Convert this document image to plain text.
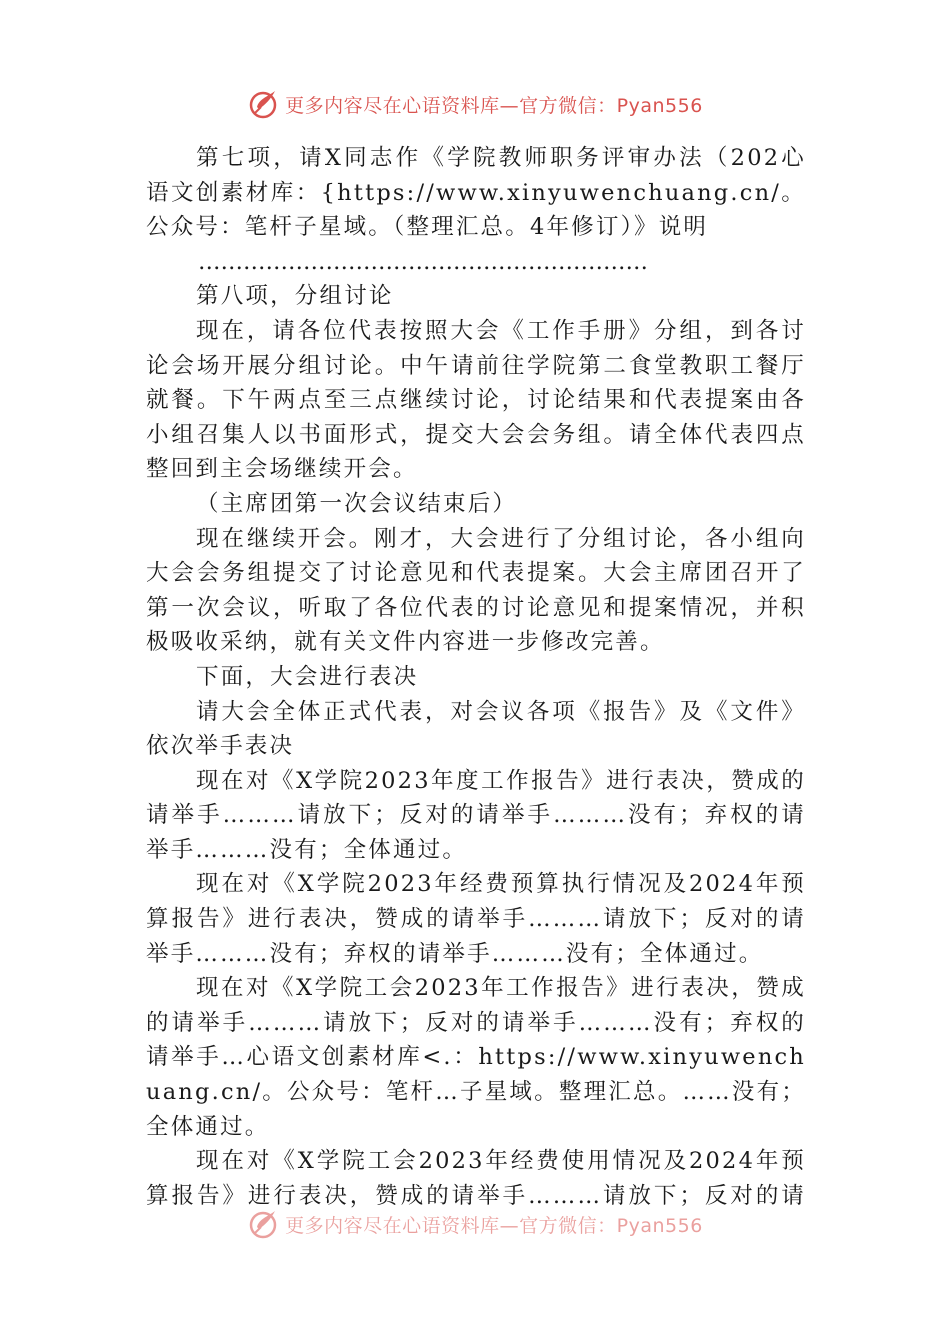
更多内容尽在心语资料库—官方微信：Pyan556

第七项，请X同志作《学院教师职务评审办法（202心语文创素材库：{https://www.xinyuwenchuang.cn/。公众号：笔杆子星域。（整理汇总。4年修订）》说明

……………………………………………………

第八项，分组讨论

现在，请各位代表按照大会《工作手册》分组，到各讨论会场开展分组讨论。中午请前往学院第二食堂教职工餐厅就餐。下午两点至三点继续讨论，讨论结果和代表提案由各小组召集人以书面形式，提交大会会务组。请全体代表四点整回到主会场继续开会。

（主席团第一次会议结束后）

现在继续开会。刚才，大会进行了分组讨论，各小组向大会会务组提交了讨论意见和代表提案。大会主席团召开了第一次会议，听取了各位代表的讨论意见和提案情况，并积极吸收采纳，就有关文件内容进一步修改完善。

下面，大会进行表决

请大会全体正式代表，对会议各项《报告》及《文件》依次举手表决

现在对《X学院2023年度工作报告》进行表决，赞成的请举手………请放下；反对的请举手………没有；弃权的请举手………没有；全体通过。

现在对《X学院2023年经费预算执行情况及2024年预算报告》进行表决，赞成的请举手………请放下；反对的请举手………没有；弃权的请举手………没有；全体通过。

现在对《X学院工会2023年工作报告》进行表决，赞成的请举手………请放下；反对的请举手………没有；弃权的请举手…心语文创素材库<.：https://www.xinyuwenchuang.cn/。公众号：笔杆…子星域。整理汇总。……没有；全体通过。

现在对《X学院工会2023年经费使用情况及2024年预算报告》进行表决，赞成的请举手………请放下；反对的请

更多内容尽在心语资料库—官方微信：Pyan556
